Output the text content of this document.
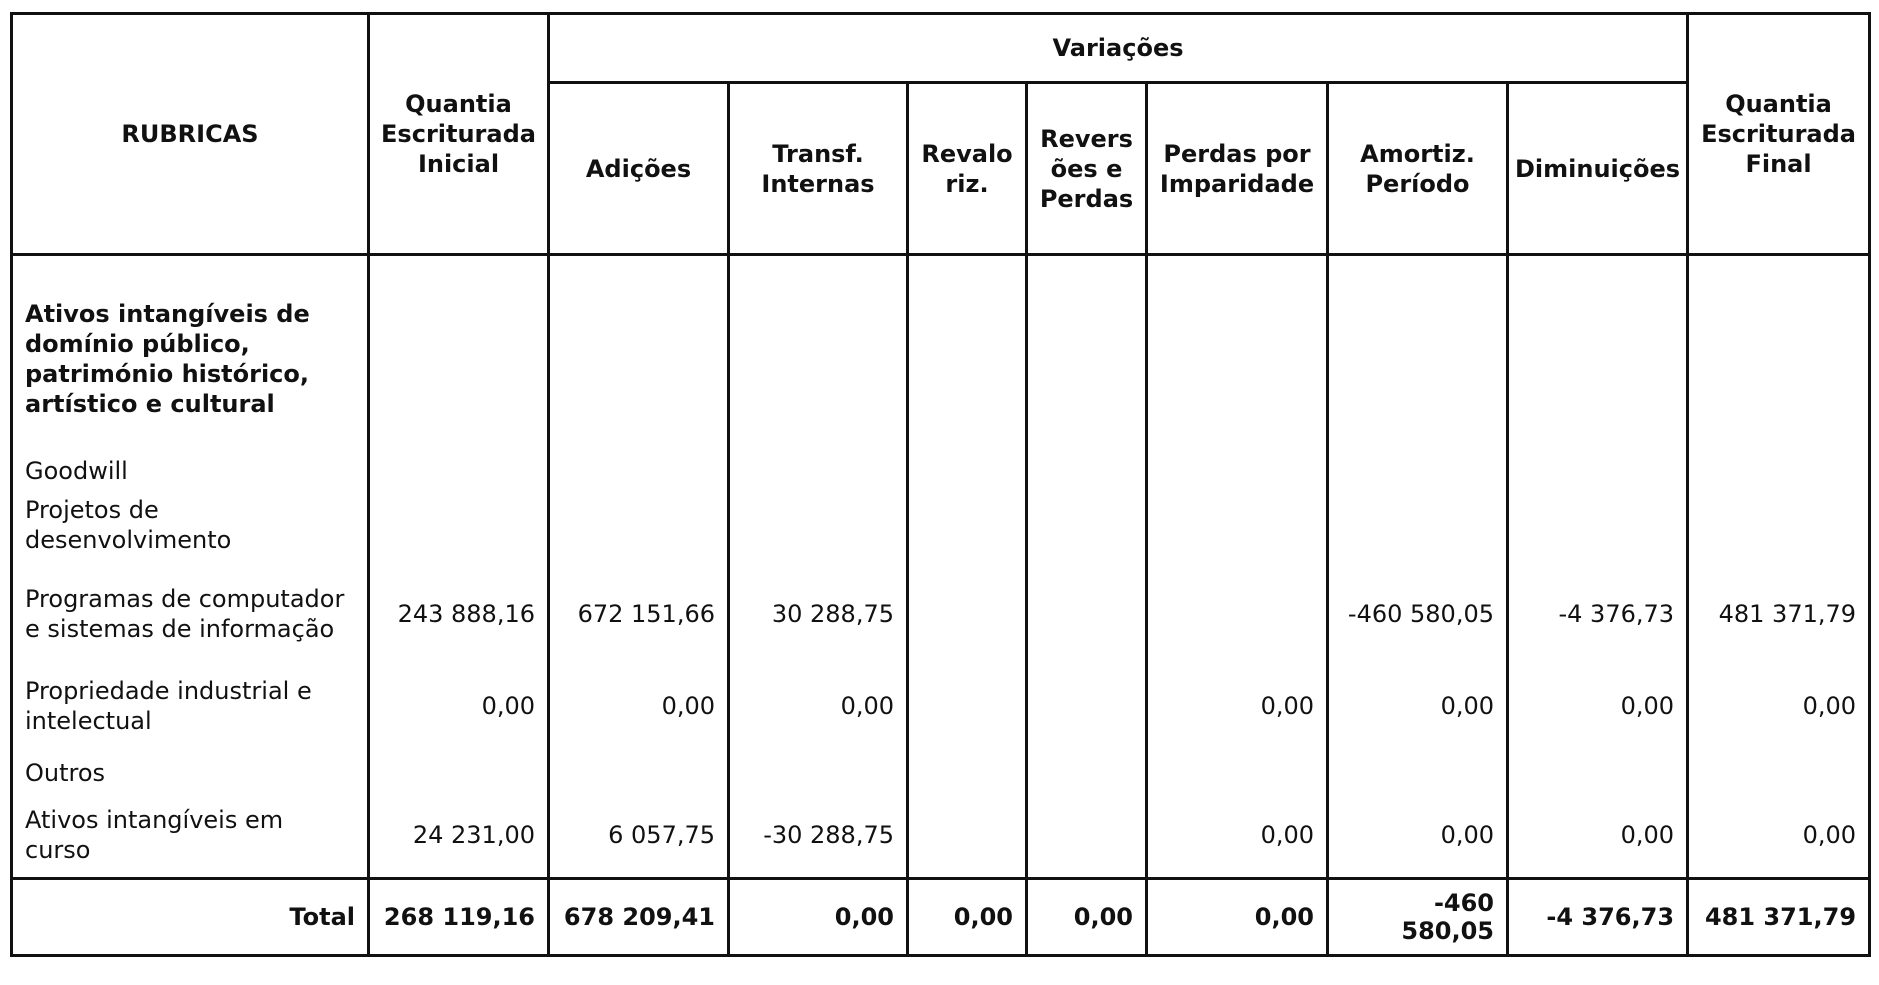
RUBRICAS	Quantia Escriturada Inicial	Variações							Quantia Escriturada Final
		Adições	Transf. Internas	Revalo riz.	Revers ões e Perdas	Perdas por Imparidade	Amortiz. Período	Diminuições	
Ativos intangíveis de domínio público, património histórico, artístico e cultural									
Goodwill									
Projetos de desenvolvimento									
Programas de computador e sistemas de informação	243 888,16	672 151,66	30 288,75				-460 580,05	-4 376,73	481 371,79
Propriedade industrial e intelectual	0,00	0,00	0,00			0,00	0,00	0,00	0,00
Outros									
Ativos intangíveis em curso	24 231,00	6 057,75	-30 288,75			0,00	0,00	0,00	0,00
Total	268 119,16	678 209,41	0,00	0,00	0,00	0,00	-460 580,05	-4 376,73	481 371,79
